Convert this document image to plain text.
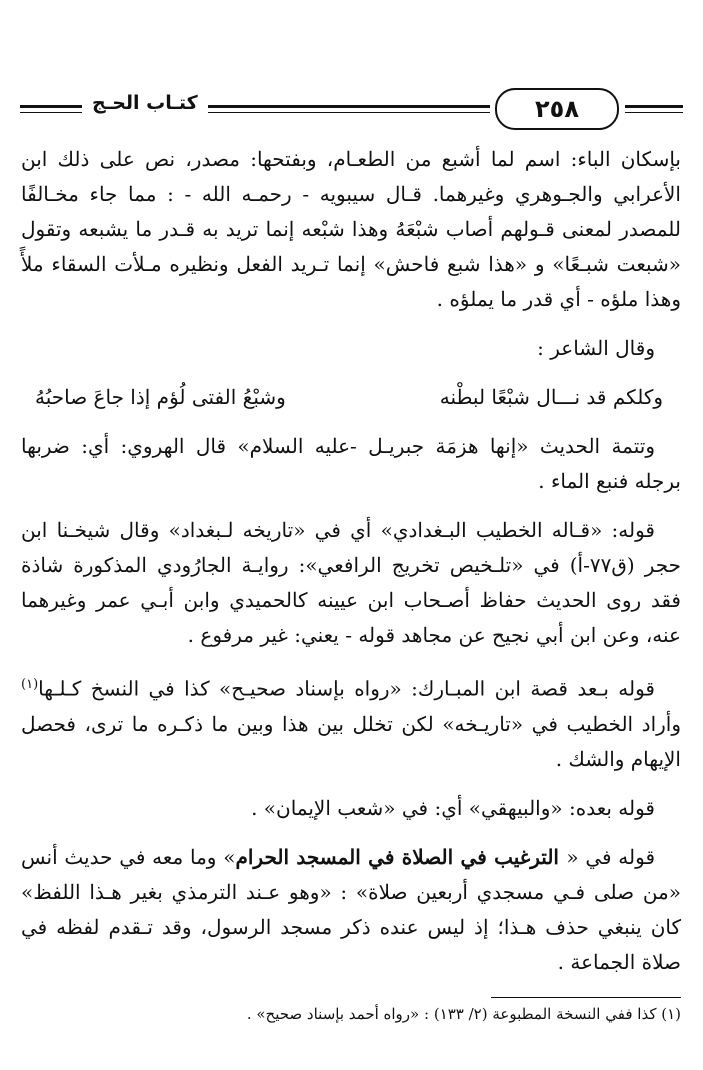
كتـاب الحـج	٢٥٨

بإسكان الباء: اسم لما أشبع من الطعـام، وبفتحها: مصدر، نص على ذلك ابن الأعرابي والجـوهري وغيرهما. قـال سيبويه - رحمـه الله - : مما جاء مخـالفًا للمصدر لمعنى قـولهم أصاب شبْعَهُ وهذا شبْعه إنما تريد به قـدر ما يشبعه وتقول «شبعت شبـعًا» و «هذا شبع فاحش» إنما تـريد الفعل ونظيره مـلأت السقاء ملأً وهذا ملؤه - أي قدر ما يملؤه .

وقال الشاعر :

وكلكم قد نـــال شبْعًا لبطْنه
وشبْعُ الفتى لُؤم إذا جاعَ صاحبُهُ

وتتمة الحديث «إنها هزمَة جبريـل -عليه السلام» قال الهروي: أي: ضربها برجله فنبع الماء .

قوله: «قـاله الخطيب البـغدادي» أي في «تاريخه لـبغداد» وقال شيخـنا ابن حجر (ق٧٧-أ) في «تلـخيص تخريج الرافعي»: روايـة الجارُودي المذكورة شاذة فقد روى الحديث حفاظ أصـحاب ابن عيينه كالحميدي وابن أبـي عمر وغيرهما عنه، وعن ابن أبي نجيح عن مجاهد قوله - يعني: غير مرفوع .

قوله بـعد قصة ابن المبـارك: «رواه بإسناد صحيـح» كذا في النسخ كـلـها$^{(١)}$ وأراد الخطيب في «تاريـخه» لكن تخلل بين هذا وبين ما ذكـره ما ترى، فحصل الإيهام والشك .

قوله بعده: «والبيهقي» أي: في «شعب الإيمان» .

قوله في « الترغيب في الصلاة في المسجد الحرام» وما معه في حديث أنس «من صلى فـي مسجدي أربعين صلاة» : «وهو عـند الترمذي بغير هـذا اللفظ» كان ينبغي حذف هـذا؛ إذ ليس عنده ذكر مسجد الرسول، وقد تـقدم لفظه في صلاة الجماعة .

(١) كذا ففي النسخة المطبوعة (٢/ ١٣٣) : «رواه أحمد بإسناد صحيح» .
